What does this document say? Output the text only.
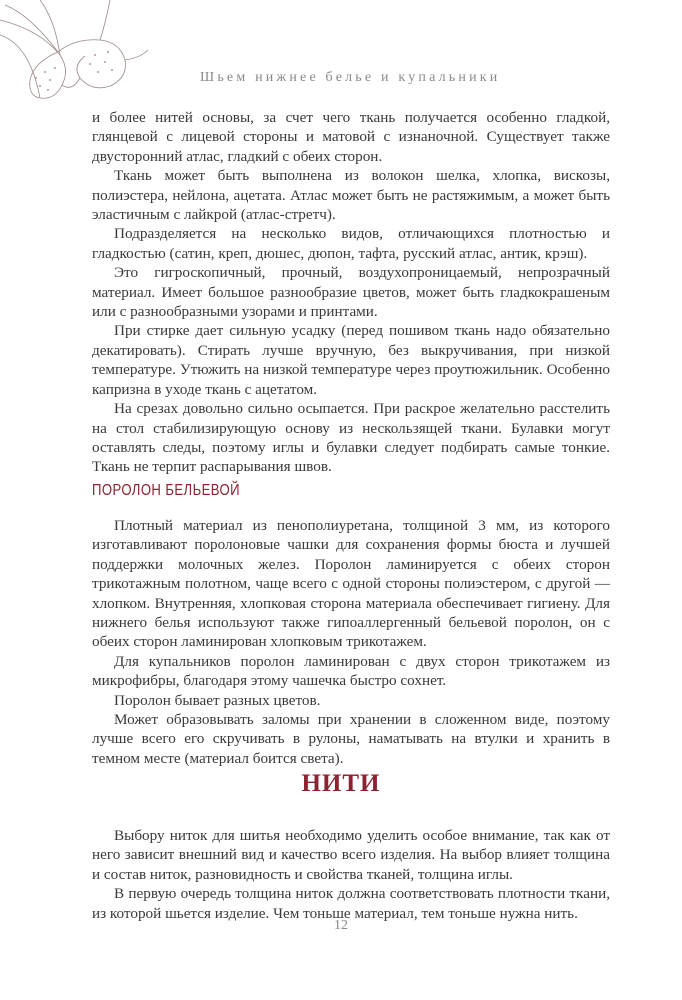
Шьем нижнее белье и купальники

и более нитей основы, за счет чего ткань получается особенно гладкой, глянцевой с лицевой стороны и матовой с изнаночной. Существует также двусторонний атлас, гладкий с обеих сторон.

Ткань может быть выполнена из волокон шелка, хлопка, вискозы, полиэстера, нейлона, ацетата. Атлас может быть не растяжимым, а может быть эластичным с лайкрой (атлас-стретч).

Подразделяется на несколько видов, отличающихся плотностью и гладкостью (сатин, креп, дюшес, дюпон, тафта, русский атлас, антик, крэш).

Это гигроскопичный, прочный, воздухопроницаемый, непрозрачный материал. Имеет большое разнообразие цветов, может быть гладкокрашеным или с разнообразными узорами и принтами.

При стирке дает сильную усадку (перед пошивом ткань надо обязательно декатировать). Стирать лучше вручную, без выкручивания, при низкой температуре. Утюжить на низкой температуре через проутюжильник. Особенно капризна в уходе ткань с ацетатом.

На срезах довольно сильно осыпается. При раскрое желательно расстелить на стол стабилизирующую основу из нескользящей ткани. Булавки могут оставлять следы, поэтому иглы и булавки следует подбирать самые тонкие. Ткань не терпит распарывания швов.

ПОРОЛОН БЕЛЬЕВОЙ

Плотный материал из пенополиуретана, толщиной 3 мм, из которого изготавливают поролоновые чашки для сохранения формы бюста и лучшей поддержки молочных желез. Поролон ламинируется с обеих сторон трикотажным полотном, чаще всего с одной стороны полиэстером, с другой — хлопком. Внутренняя, хлопковая сторона материала обеспечивает гигиену. Для нижнего белья используют также гипоаллергенный бельевой поролон, он с обеих сторон ламинирован хлопковым трикотажем.

Для купальников поролон ламинирован с двух сторон трикотажем из микрофибры, благодаря этому чашечка быстро сохнет.

Поролон бывает разных цветов.

Может образовывать заломы при хранении в сложенном виде, поэтому лучше всего его скручивать в рулоны, наматывать на втулки и хранить в темном месте (материал боится света).

НИТИ

Выбору ниток для шитья необходимо уделить особое внимание, так как от него зависит внешний вид и качество всего изделия. На выбор влияет толщина и состав ниток, разновидность и свойства тканей, толщина иглы.

В первую очередь толщина ниток должна соответствовать плотности ткани, из которой шьется изделие. Чем тоньше материал, тем тоньше нужна нить.

12
